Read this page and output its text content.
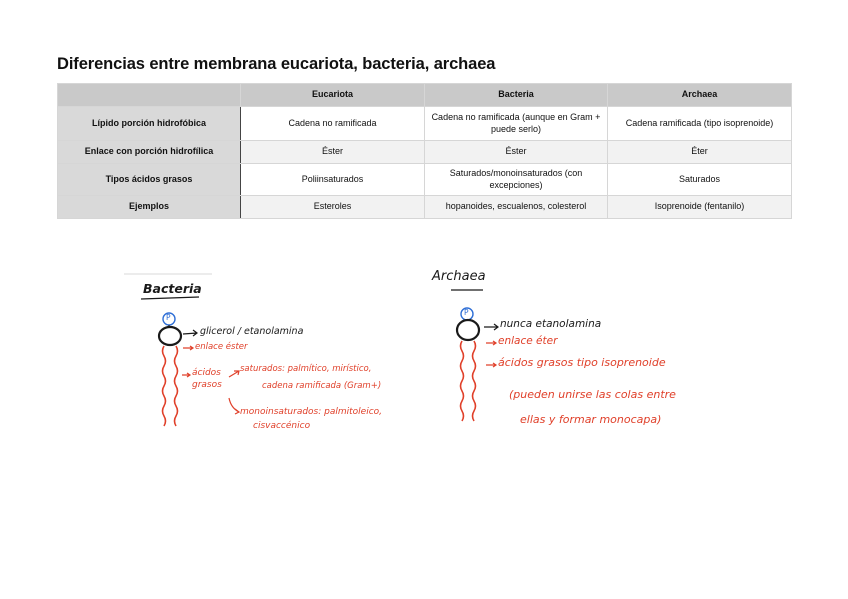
Diferencias entre membrana eucariota, bacteria, archaea
	Eucariota	Bacteria	Archaea
Lípido porción hidrofóbica	Cadena no ramificada	Cadena no ramificada (aunque en Gram + puede serlo)	Cadena ramificada (tipo isoprenoide)
Enlace con porción hidrofílica	Éster	Éster	Éter
Tipos ácidos grasos	Poliinsaturados	Saturados/monoinsaturados (con excepciones)	Saturados
Ejemplos	Esteroles	hopanoides, escualenos, colesterol	Isoprenoide (fentanilo)
Bacteria
P
glicerol / etanolamina
enlace éster
ácidos
grasos
saturados: palmítico, mirístico,
cadena ramificada (Gram+)
monoinsaturados: palmitoleico,
cisvaccénico
Archaea
P
nunca etanolamina
enlace éter
ácidos grasos tipo isoprenoide
(pueden unirse las colas entre
ellas y formar monocapa)
